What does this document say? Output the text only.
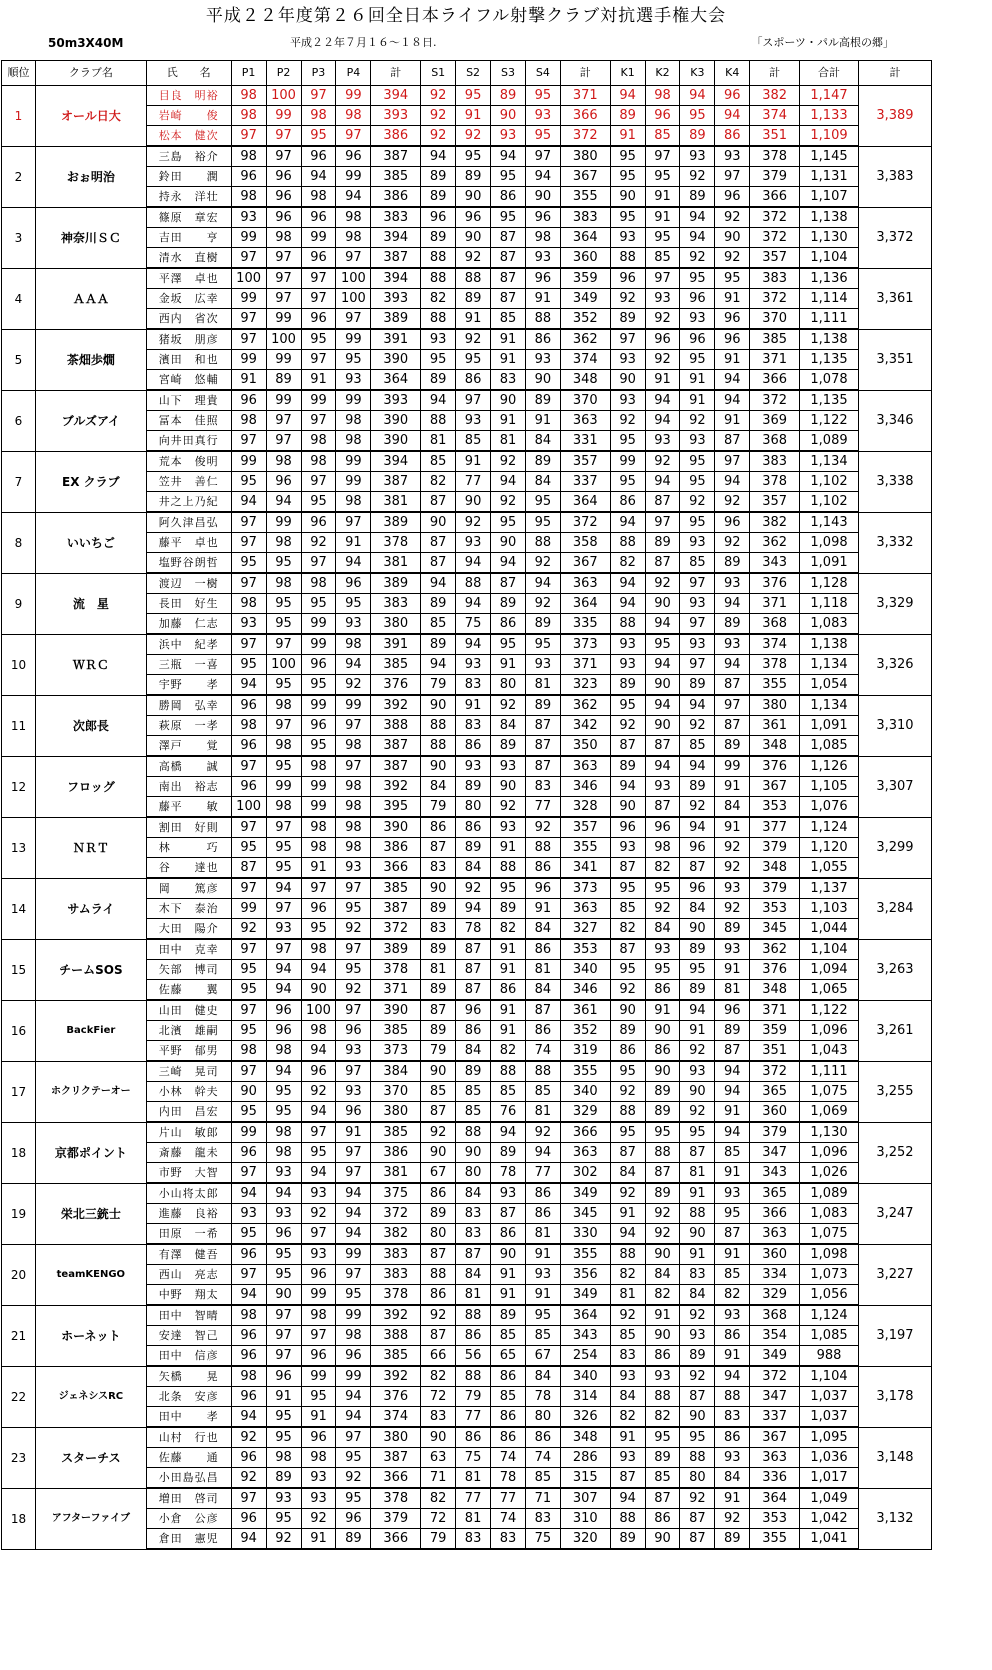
平成２２年度第２６回全日本ライフル射撃クラブ対抗選手権大会
50m3X40M	平成２２年７月１６～１８日.	「スポーツ・パル高根の郷」
順位	クラブ名	氏　　名	P1	P2	P3	P4	計	S1	S2	S3	S4	計	K1	K2	K3	K4	計	合計	計
1	オール日大	目良　明裕	98	100	97	99	394	92	95	89	95	371	94	98	94	96	382	1,147	3,389
		岩崎　　俊	98	99	98	98	393	92	91	90	93	366	89	96	95	94	374	1,133	
		松本　健次	97	97	95	97	386	92	92	93	95	372	91	85	89	86	351	1,109	
2	おぉ明治	三島　裕介	98	97	96	96	387	94	95	94	97	380	95	97	93	93	378	1,145	3,383
		鈴田　　潤	96	96	94	99	385	89	89	95	94	367	95	95	92	97	379	1,131	
		持永　洋壮	98	96	98	94	386	89	90	86	90	355	90	91	89	96	366	1,107	
3	神奈川ＳＣ	篠原　章宏	93	96	96	98	383	96	96	95	96	383	95	91	94	92	372	1,138	3,372
		吉田　　亨	99	98	99	98	394	89	90	87	98	364	93	95	94	90	372	1,130	
		清水　直樹	97	97	96	97	387	88	92	87	93	360	88	85	92	92	357	1,104	
4	ＡＡＡ	平澤　卓也	100	97	97	100	394	88	88	87	96	359	96	97	95	95	383	1,136	3,361
		金坂　広幸	99	97	97	100	393	82	89	87	91	349	92	93	96	91	372	1,114	
		西内　省次	97	99	96	97	389	88	91	85	88	352	89	92	93	96	370	1,111	
5	茶畑歩燗	猪坂　朋彦	97	100	95	99	391	93	92	91	86	362	97	96	96	96	385	1,138	3,351
		濱田　和也	99	99	97	95	390	95	95	91	93	374	93	92	95	91	371	1,135	
		宮崎　悠輔	91	89	91	93	364	89	86	83	90	348	90	91	91	94	366	1,078	
6	ブルズアイ	山下　理貴	96	99	99	99	393	94	97	90	89	370	93	94	91	94	372	1,135	3,346
		冨本　佳照	98	97	97	98	390	88	93	91	91	363	92	94	92	91	369	1,122	
		向井田真行	97	97	98	98	390	81	85	81	84	331	95	93	93	87	368	1,089	
7	EX クラブ	荒本　俊明	99	98	98	99	394	85	91	92	89	357	99	92	95	97	383	1,134	3,338
		笠井　善仁	95	96	97	99	387	82	77	94	84	337	95	94	95	94	378	1,102	
		井之上乃紀	94	94	95	98	381	87	90	92	95	364	86	87	92	92	357	1,102	
8	いいちご	阿久津昌弘	97	99	96	97	389	90	92	95	95	372	94	97	95	96	382	1,143	3,332
		藤平　卓也	97	98	92	91	378	87	93	90	88	358	88	89	93	92	362	1,098	
		塩野谷朗哲	95	95	97	94	381	87	94	94	92	367	82	87	85	89	343	1,091	
9	流　星	渡辺　一樹	97	98	98	96	389	94	88	87	94	363	94	92	97	93	376	1,128	3,329
		長田　好生	98	95	95	95	383	89	94	89	92	364	94	90	93	94	371	1,118	
		加藤　仁志	93	95	99	93	380	85	75	86	89	335	88	94	97	89	368	1,083	
10	ＷＲＣ	浜中　紀孝	97	97	99	98	391	89	94	95	95	373	93	95	93	93	374	1,138	3,326
		三瓶　一喜	95	100	96	94	385	94	93	91	93	371	93	94	97	94	378	1,134	
		宇野　　孝	94	95	95	92	376	79	83	80	81	323	89	90	89	87	355	1,054	
11	次郎長	勝岡　弘幸	96	98	99	99	392	90	91	92	89	362	95	94	94	97	380	1,134	3,310
		萩原　一孝	98	97	96	97	388	88	83	84	87	342	92	90	92	87	361	1,091	
		澤戸　　覚	96	98	95	98	387	88	86	89	87	350	87	87	85	89	348	1,085	
12	フロッグ	高橋　　誠	97	95	98	97	387	90	93	93	87	363	89	94	94	99	376	1,126	3,307
		南出　裕志	96	99	99	98	392	84	89	90	83	346	94	93	89	91	367	1,105	
		藤平　　敏	100	98	99	98	395	79	80	92	77	328	90	87	92	84	353	1,076	
13	ＮＲＴ	割田　好則	97	97	98	98	390	86	86	93	92	357	96	96	94	91	377	1,124	3,299
		林　　　巧	95	95	98	98	386	87	89	91	88	355	93	98	96	92	379	1,120	
		谷　　達也	87	95	91	93	366	83	84	88	86	341	87	82	87	92	348	1,055	
14	サムライ	岡　　篤彦	97	94	97	97	385	90	92	95	96	373	95	95	96	93	379	1,137	3,284
		木下　泰治	99	97	96	95	387	89	94	89	91	363	85	92	84	92	353	1,103	
		大田　陽介	92	93	95	92	372	83	78	82	84	327	82	84	90	89	345	1,044	
15	チームSOS	田中　克幸	97	97	98	97	389	89	87	91	86	353	87	93	89	93	362	1,104	3,263
		矢部　博司	95	94	94	95	378	81	87	91	81	340	95	95	95	91	376	1,094	
		佐藤　　翼	95	94	90	92	371	89	87	86	84	346	92	86	89	81	348	1,065	
16	BackFier	山田　健史	97	96	100	97	390	87	96	91	87	361	90	91	94	96	371	1,122	3,261
		北濱　雄嗣	95	96	98	96	385	89	86	91	86	352	89	90	91	89	359	1,096	
		平野　郁男	98	98	94	93	373	79	84	82	74	319	86	86	92	87	351	1,043	
17	ホクリクテーオー	三崎　晃司	97	94	96	97	384	90	89	88	88	355	95	90	93	94	372	1,111	3,255
		小林　幹夫	90	95	92	93	370	85	85	85	85	340	92	89	90	94	365	1,075	
		内田　昌宏	95	95	94	96	380	87	85	76	81	329	88	89	92	91	360	1,069	
18	京都ポイント	片山　敏郎	99	98	97	91	385	92	88	94	92	366	95	95	95	94	379	1,130	3,252
		斎藤　龍未	96	98	95	97	386	90	90	89	94	363	87	88	87	85	347	1,096	
		市野　大智	97	93	94	97	381	67	80	78	77	302	84	87	81	91	343	1,026	
19	栄北三銃士	小山将太郎	94	94	93	94	375	86	84	93	86	349	92	89	91	93	365	1,089	3,247
		進藤　良裕	93	93	92	94	372	89	83	87	86	345	91	92	88	95	366	1,083	
		田原　一希	95	96	97	94	382	80	83	86	81	330	94	92	90	87	363	1,075	
20	teamKENGO	有澤　健吾	96	95	93	99	383	87	87	90	91	355	88	90	91	91	360	1,098	3,227
		西山　亮志	97	95	96	97	383	88	84	91	93	356	82	84	83	85	334	1,073	
		中野　翔太	94	90	99	95	378	86	81	91	91	349	81	82	84	82	329	1,056	
21	ホーネット	田中　智晴	98	97	98	99	392	92	88	89	95	364	92	91	92	93	368	1,124	3,197
		安達　智己	96	97	97	98	388	87	86	85	85	343	85	90	93	86	354	1,085	
		田中　信彦	96	97	96	96	385	66	56	65	67	254	83	86	89	91	349	988	
22	ジェネシスRC	矢橋　　晃	98	96	99	99	392	82	88	86	84	340	93	93	92	94	372	1,104	3,178
		北条　安彦	96	91	95	94	376	72	79	85	78	314	84	88	87	88	347	1,037	
		田中　　孝	94	95	91	94	374	83	77	86	80	326	82	82	90	83	337	1,037	
23	スターチス	山村　行也	92	95	96	97	380	90	86	86	86	348	91	95	95	86	367	1,095	3,148
		佐藤　　通	96	98	98	95	387	63	75	74	74	286	93	89	88	93	363	1,036	
		小田島弘昌	92	89	93	92	366	71	81	78	85	315	87	85	80	84	336	1,017	
18	アフターファイブ	増田　啓司	97	93	93	95	378	82	77	77	71	307	94	87	92	91	364	1,049	3,132
		小倉　公彦	96	95	92	96	379	72	81	74	83	310	88	86	87	92	353	1,042	
		倉田　憲児	94	92	91	89	366	79	83	83	75	320	89	90	87	89	355	1,041	
